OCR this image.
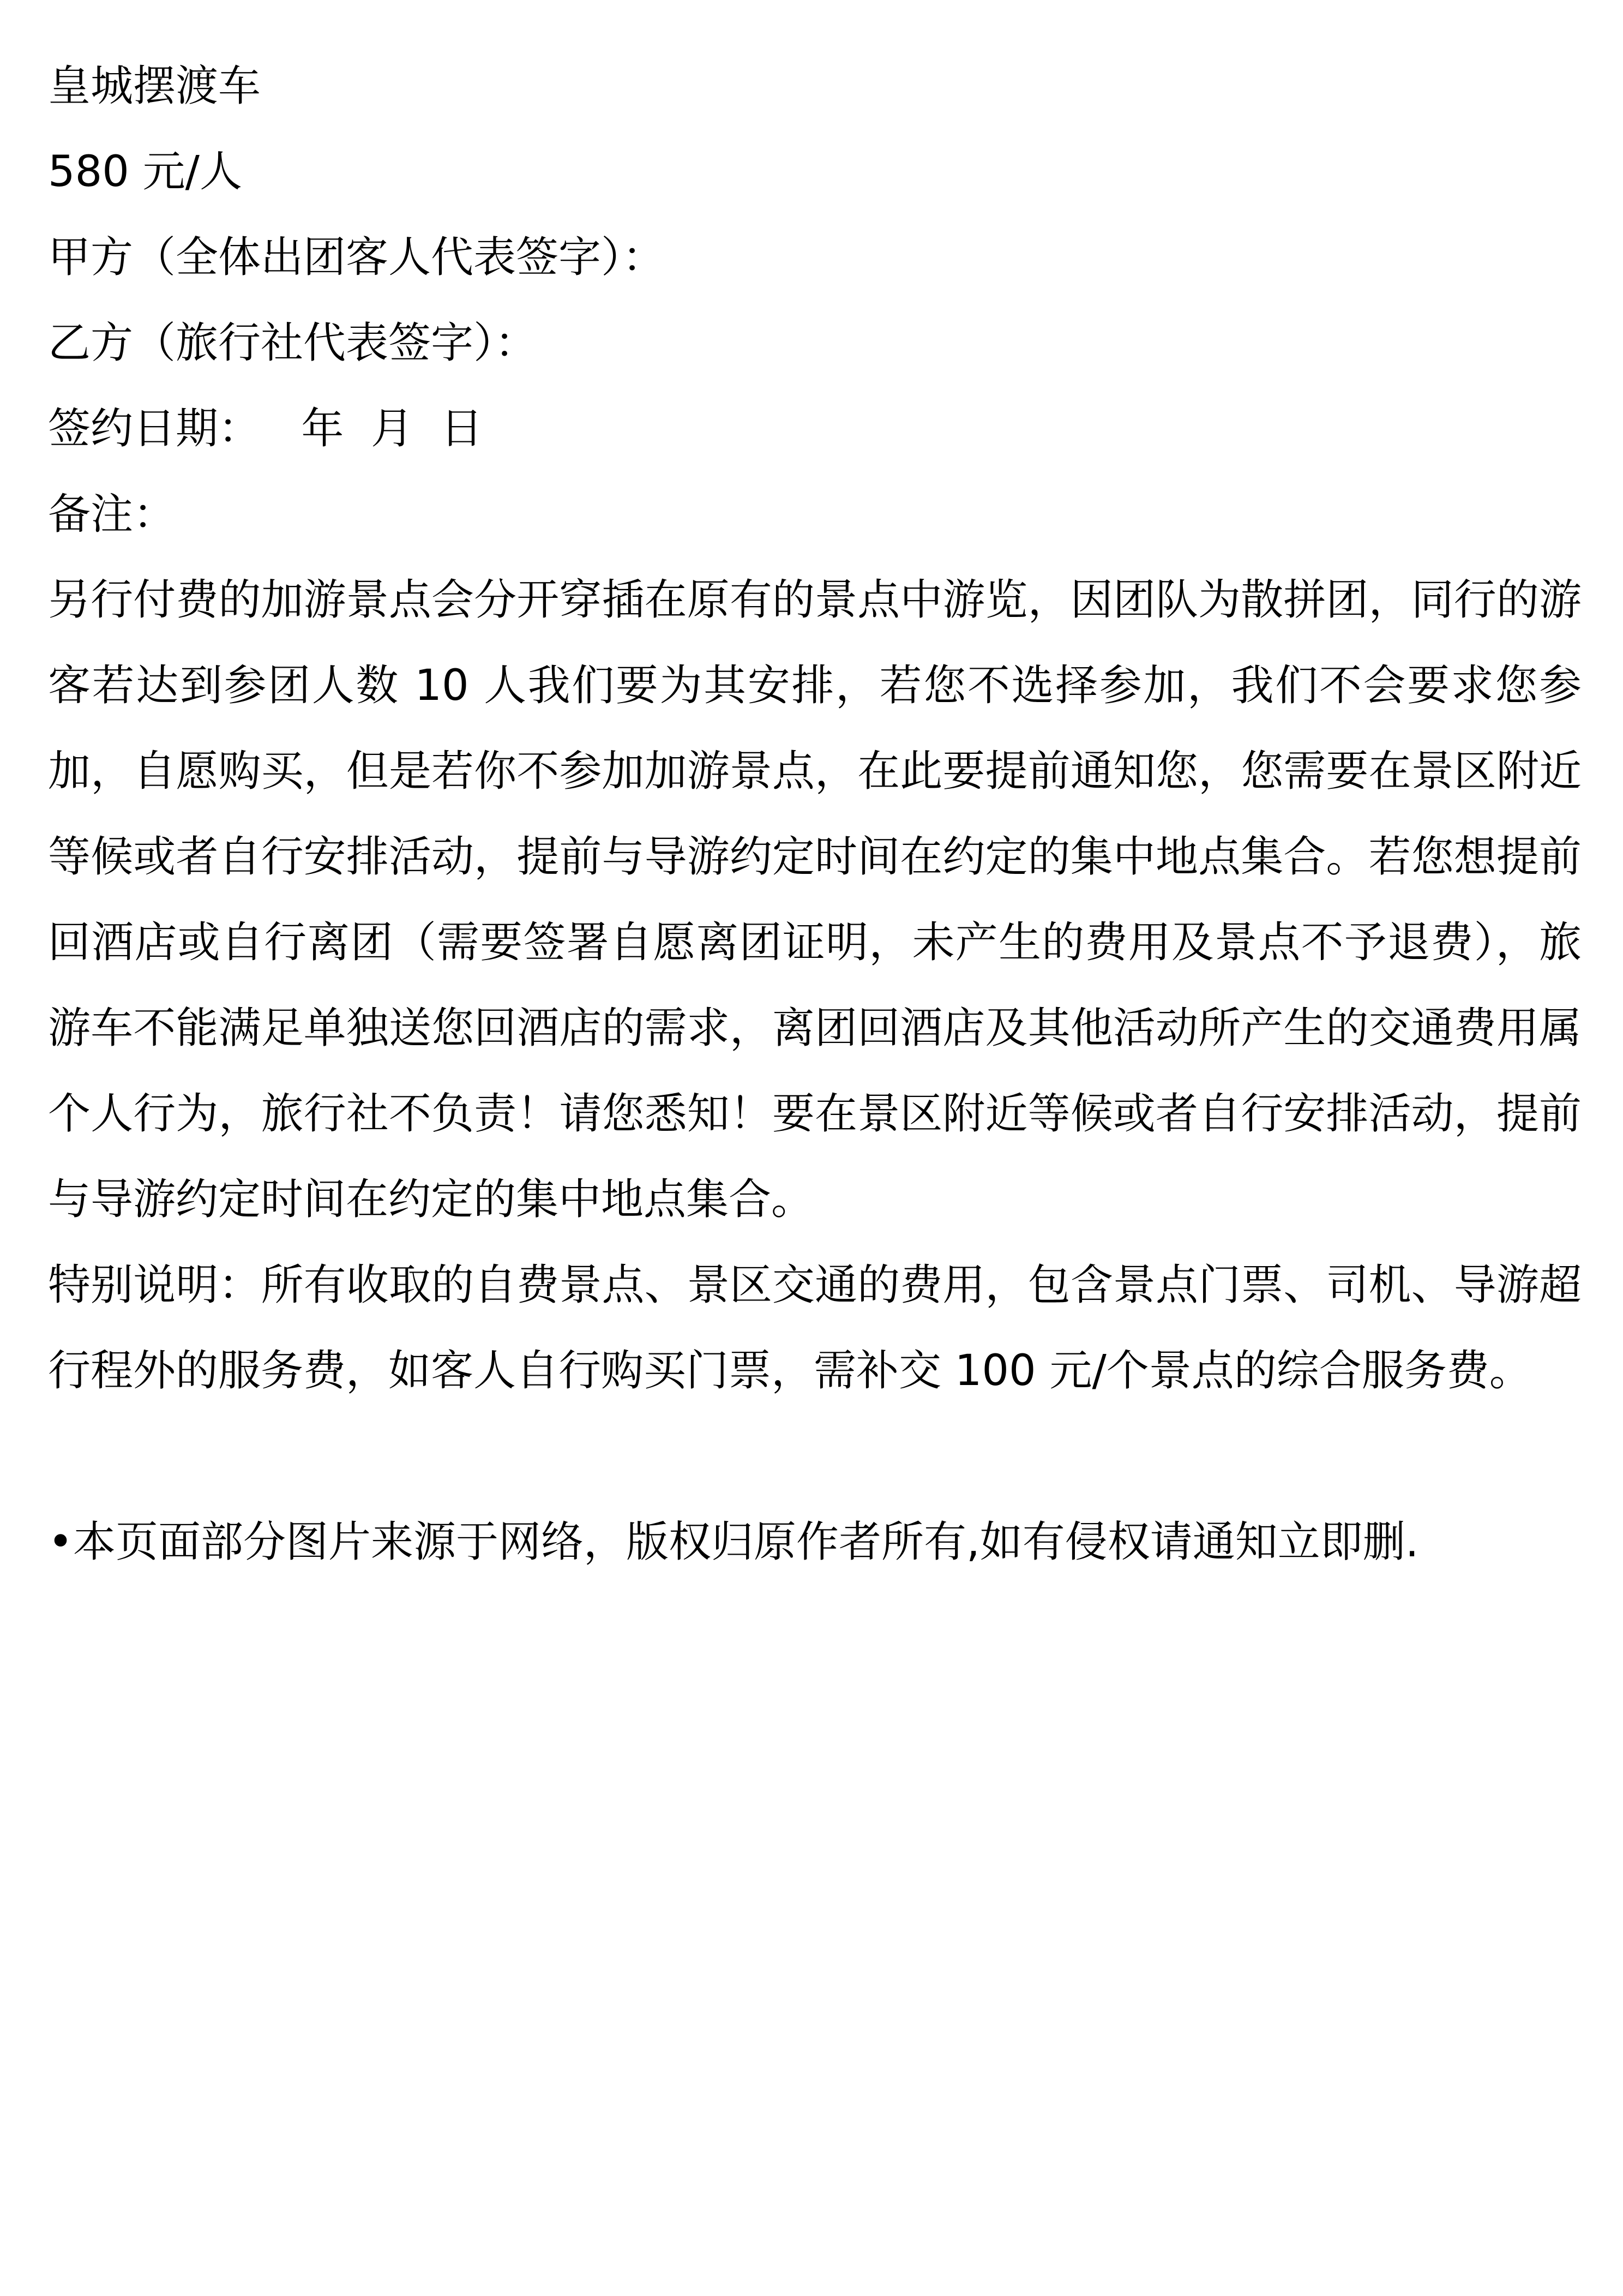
皇城摆渡车
580 元/人
甲方（全体出团客人代表签字）：
乙方（旅行社代表签字）：
签约日期：   年  月  日
备注：

另行付费的加游景点会分开穿插在原有的景点中游览，因团队为散拼团，同行的游客若达到参团人数 10 人我们要为其安排，若您不选择参加，我们不会要求您参加，自愿购买，但是若你不参加加游景点，在此要提前通知您，您需要在景区附近等候或者自行安排活动，提前与导游约定时间在约定的集中地点集合。若您想提前回酒店或自行离团（需要签署自愿离团证明，未产生的费用及景点不予退费），旅游车不能满足单独送您回酒店的需求，离团回酒店及其他活动所产生的交通费用属个人行为，旅行社不负责！请您悉知！要在景区附近等候或者自行安排活动，提前与导游约定时间在约定的集中地点集合。

特别说明：所有收取的自费景点、景区交通的费用，包含景点门票、司机、导游超行程外的服务费，如客人自行购买门票，需补交 100 元/个景点的综合服务费。

•本页面部分图片来源于网络，版权归原作者所有,如有侵权请通知立即删.
